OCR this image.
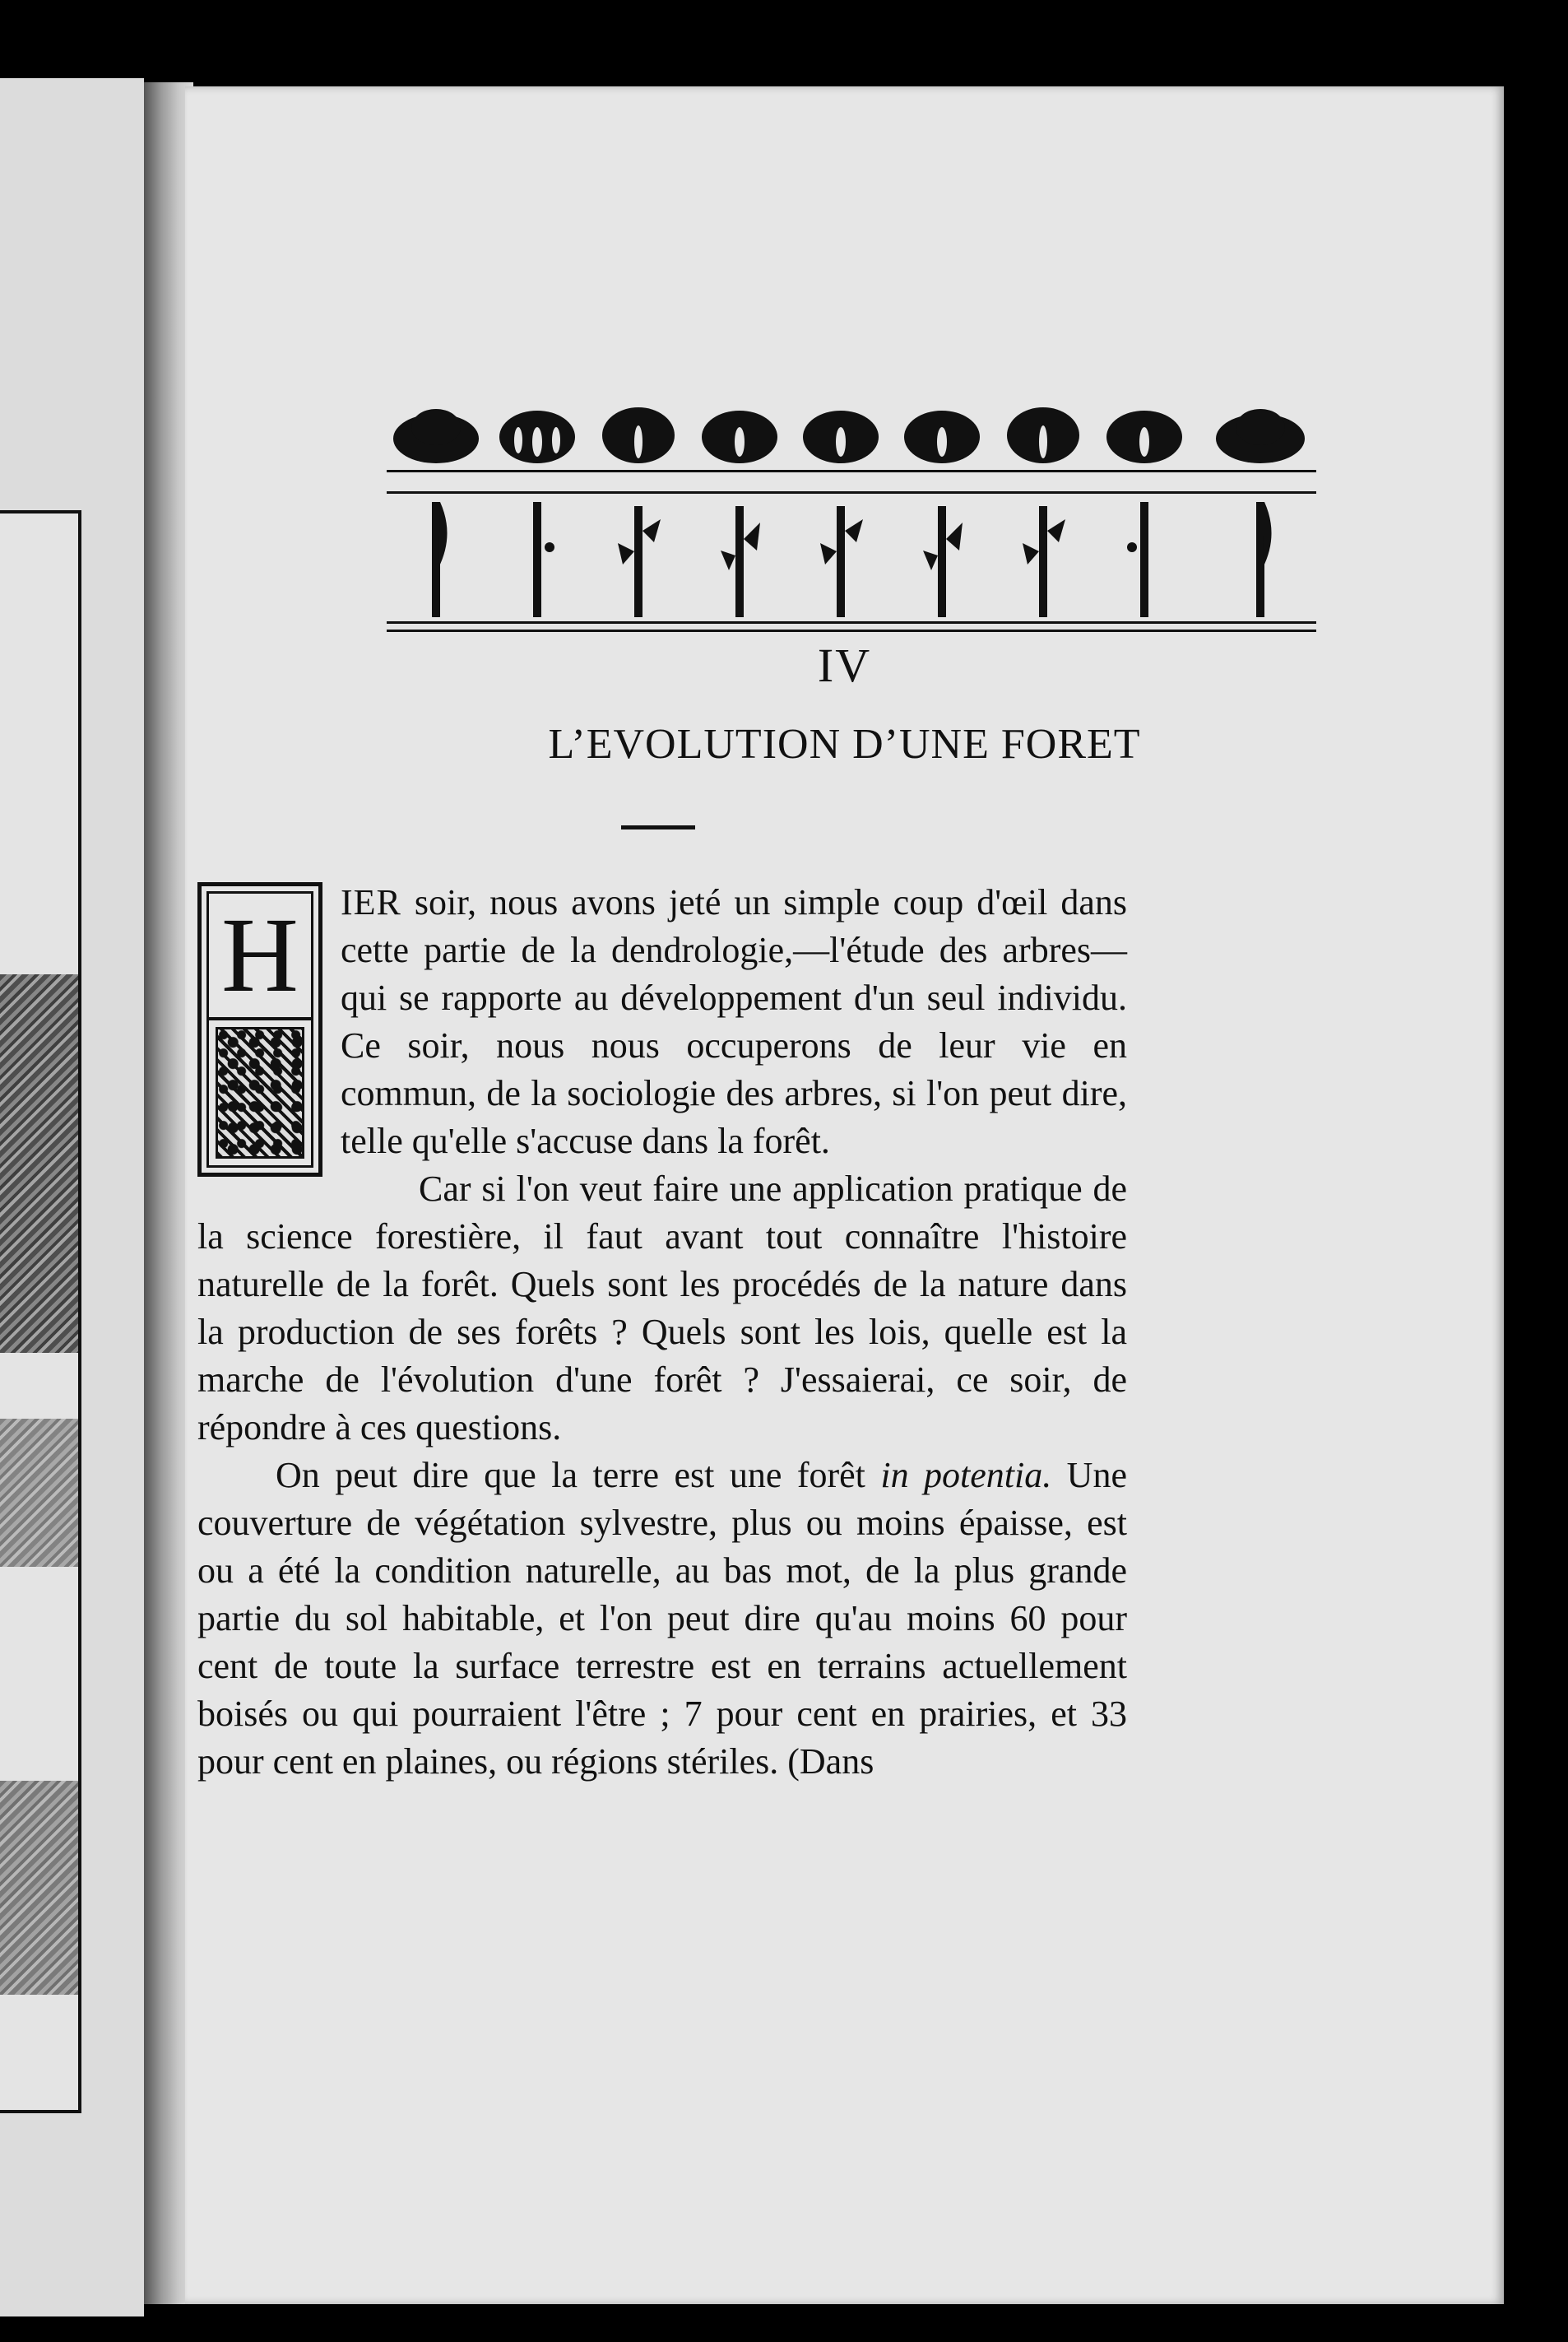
IV
L’EVOLUTION D’UNE FORET
H	IER soir, nous avons jeté un simple coup d'œil dans cette partie de la dendrologie,—l'étude des arbres—qui se rapporte au développement d'un seul individu. Ce soir, nous nous occuperons de leur vie en commun, de la sociologie des arbres, si l'on peut dire, telle qu'elle s'accuse dans la forêt.

Car si l'on veut faire une application pratique de la science forestière, il faut avant tout connaître l'histoire naturelle de la forêt. Quels sont les procédés de la nature dans la production de ses forêts ? Quels sont les lois, quelle est la marche de l'évolution d'une forêt ? J'essaierai, ce soir, de répondre à ces questions.

On peut dire que la terre est une forêt in potentia. Une couverture de végétation sylvestre, plus ou moins épaisse, est ou a été la condition naturelle, au bas mot, de la plus grande partie du sol habitable, et l'on peut dire qu'au moins 60 pour cent de toute la surface terrestre est en terrains actuellement boisés ou qui pourraient l'être ; 7 pour cent en prairies, et 33 pour cent en plaines, ou régions stériles. (Dans
